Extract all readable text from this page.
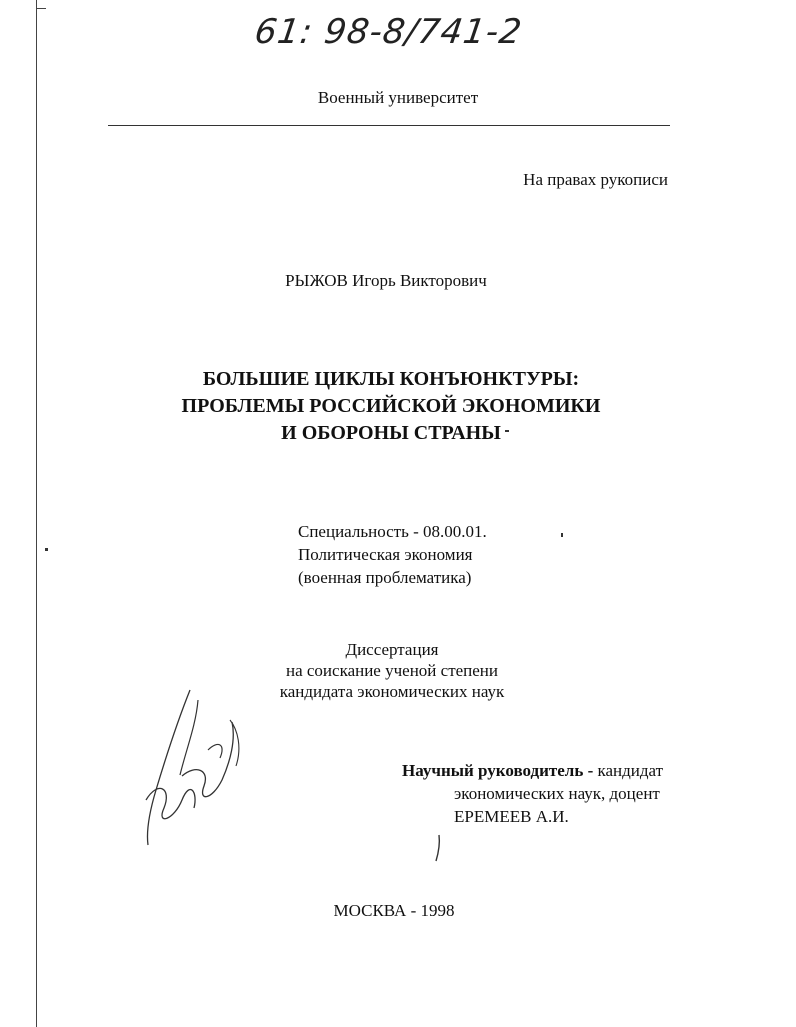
61: 98-8/741-2
Военный университет
На правах рукописи
РЫЖОВ Игорь Викторович
БОЛЬШИЕ ЦИКЛЫ КОНЪЮНКТУРЫ:
ПРОБЛЕМЫ РОССИЙСКОЙ ЭКОНОМИКИ
И ОБОРОНЫ СТРАНЫ
Специальность - 08.00.01.
Политическая экономия
(военная проблематика)
Диссертация
на соискание ученой степени
кандидата экономических наук
Научный руководитель - кандидат
экономических наук, доцент
ЕРЕМЕЕВ А.И.
МОСКВА - 1998
